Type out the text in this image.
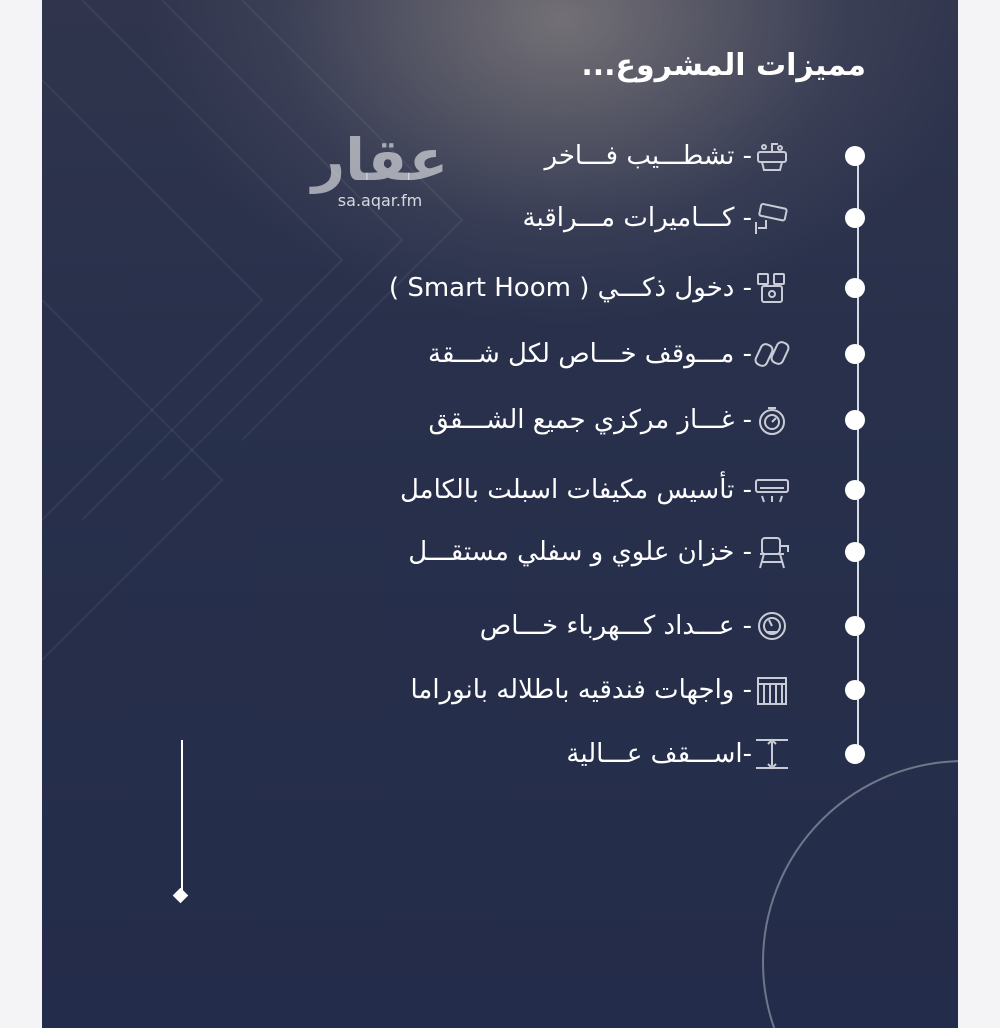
مميزات المشروع...
عقار
sa.aqar.fm
- تشطـــيب فـــاخر
- كـــاميرات مـــراقبة
- دخول ذكـــي ( Smart Hoom )
- مـــوقف خـــاص لكل شـــقة
- غـــاز مركزي جميع الشـــقق
- تأسيس مكيفات اسبلت بالكامل
- خزان علوي و سفلي مستقـــل
- عـــداد كـــهرباء خـــاص
- واجهات فندقيه باطلاله بانوراما
-اســـقف عـــالية
